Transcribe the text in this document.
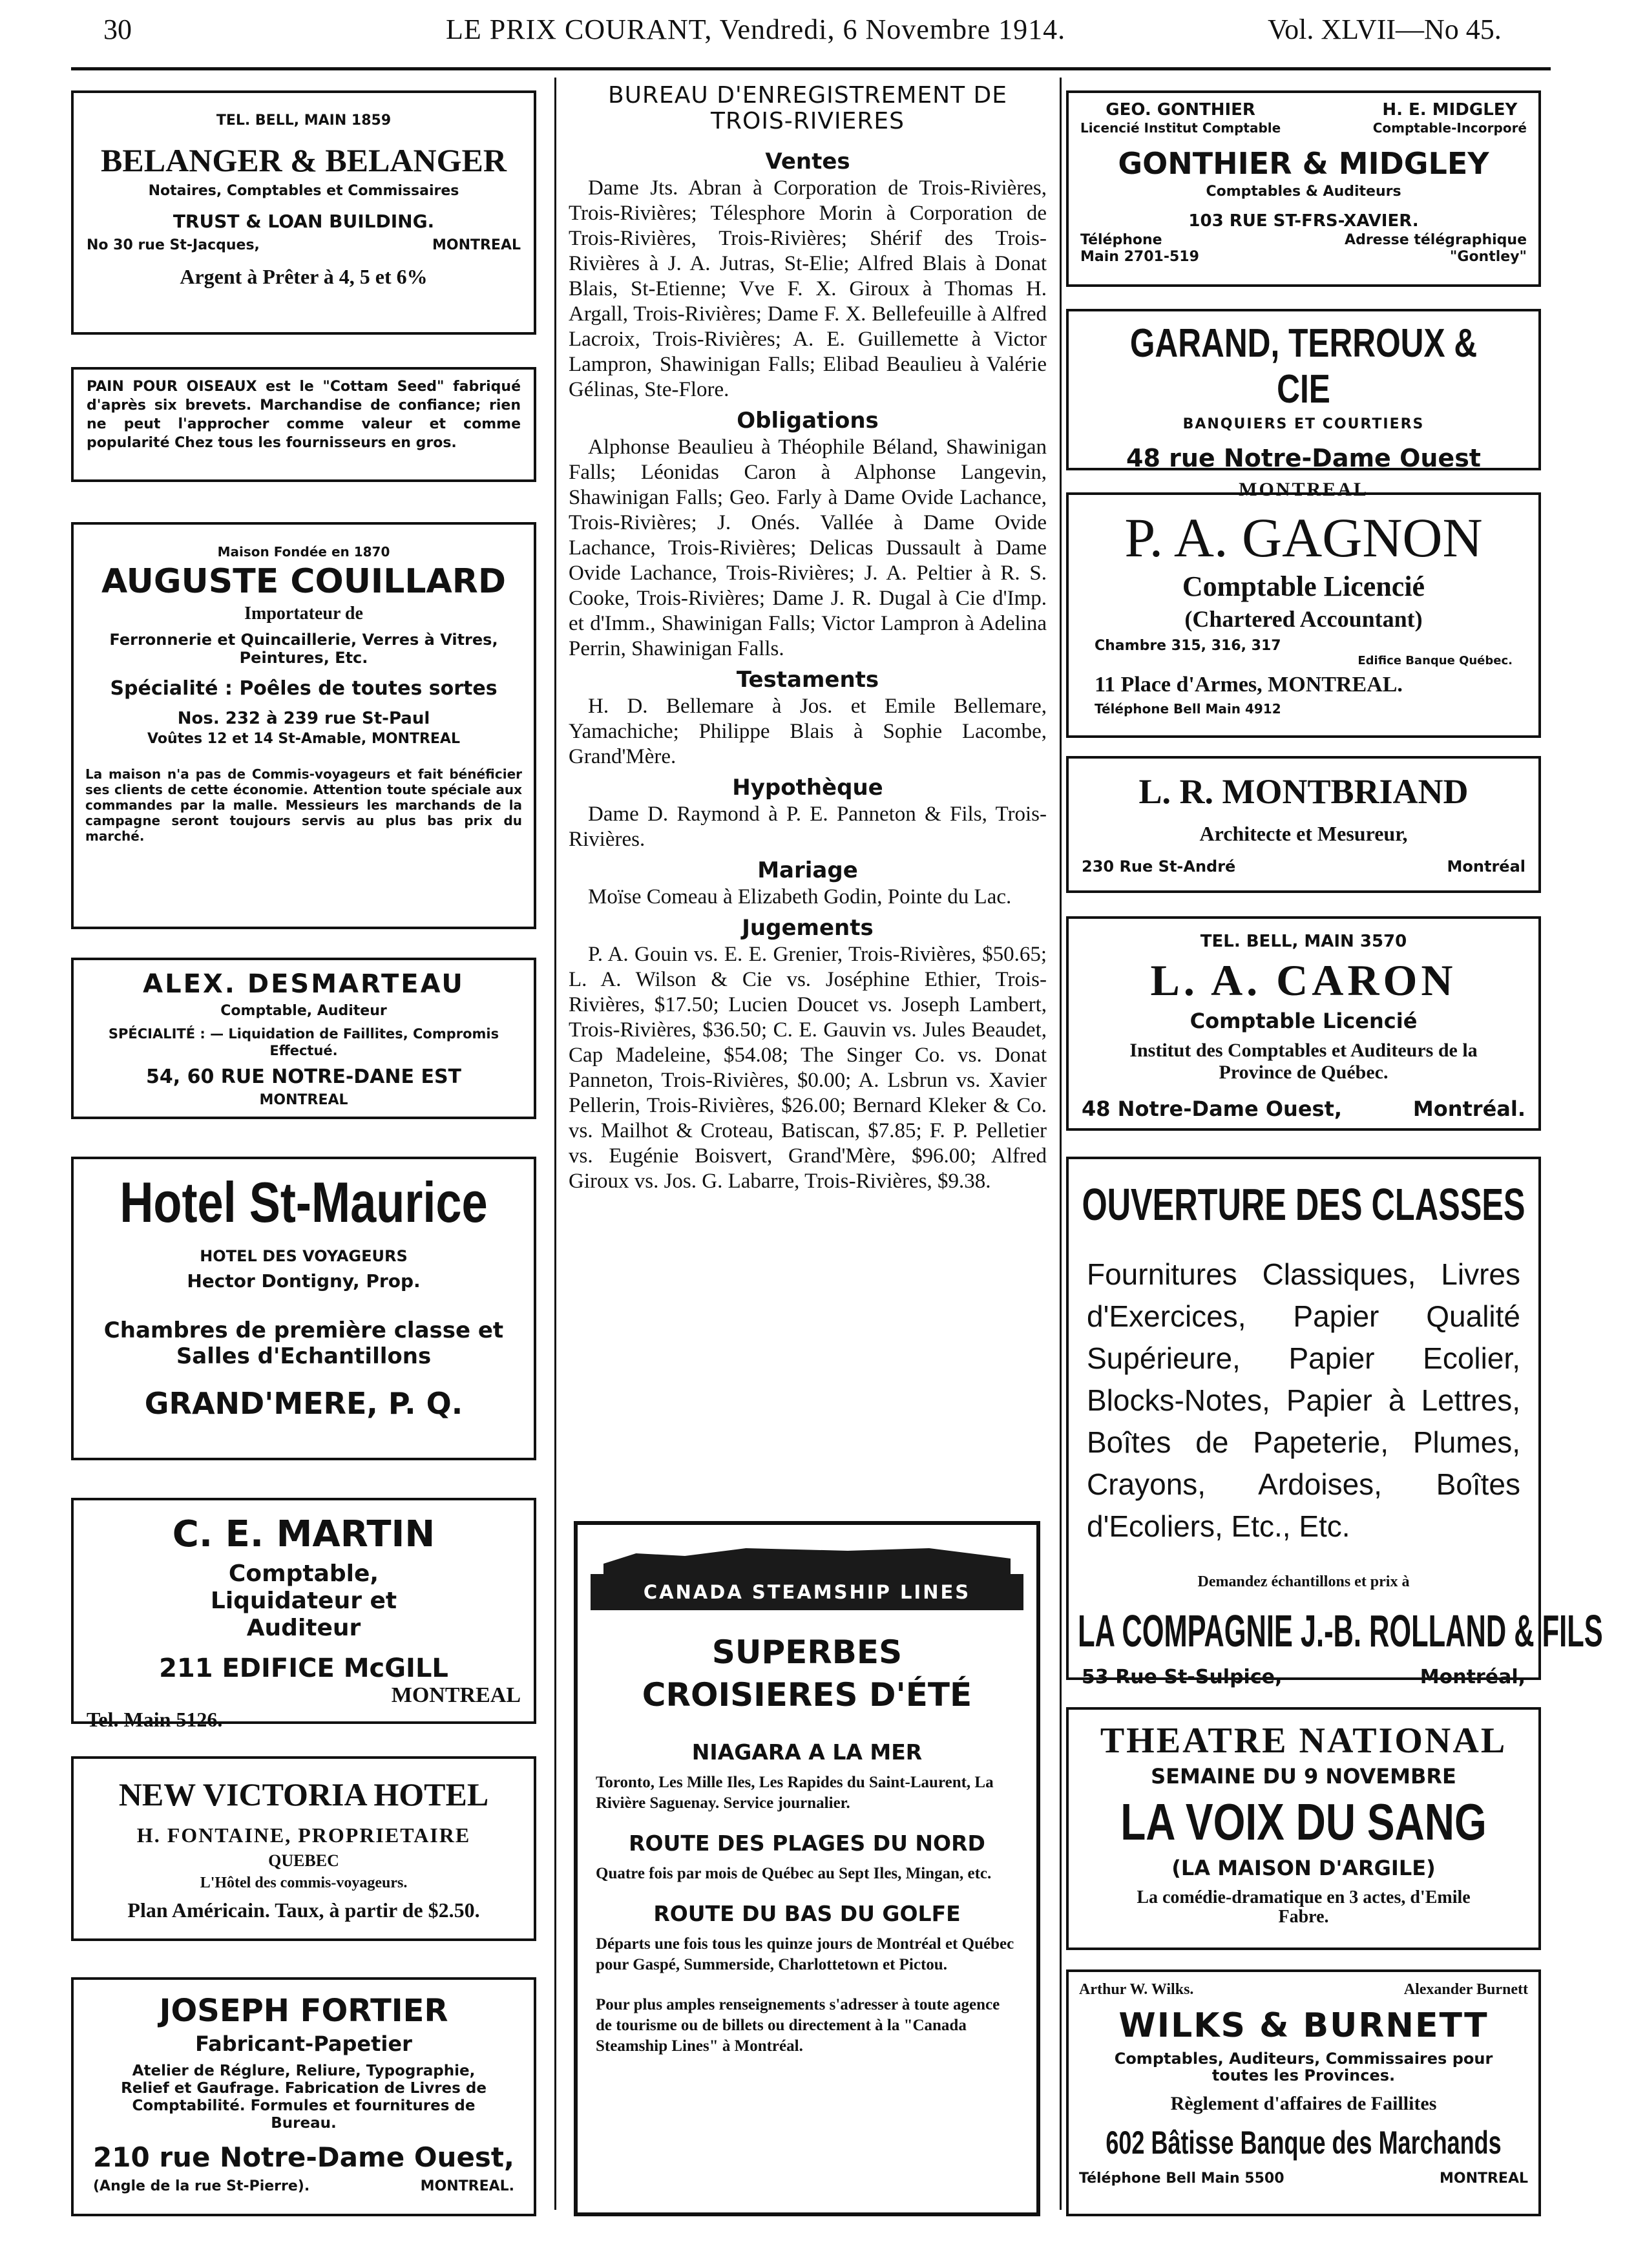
30	LE PRIX COURANT, Vendredi, 6 Novembre 1914.	Vol. XLVII—No 45.
TEL. BELL, MAIN 1859
BELANGER & BELANGER
Notaires, Comptables et Commissaires
TRUST & LOAN BUILDING.
No 30 rue St-Jacques,	MONTREAL
Argent à Prêter à 4, 5 et 6%
PAIN POUR OISEAUX est le "Cottam Seed" fabriqué d'après six brevets. Marchandise de confiance; rien ne peut l'approcher comme valeur et comme popularité Chez tous les fournisseurs en gros.
Maison Fondée en 1870
AUGUSTE COUILLARD
Importateur de
Ferronnerie et Quincaillerie, Verres à Vitres, Peintures, Etc.
Spécialité : Poêles de toutes sortes
Nos. 232 à 239 rue St-Paul
Voûtes 12 et 14 St-Amable, MONTREAL
La maison n'a pas de Commis-voyageurs et fait bénéficier ses clients de cette économie. Attention toute spéciale aux commandes par la malle. Messieurs les marchands de la campagne seront toujours servis au plus bas prix du marché.
ALEX. DESMARTEAU
Comptable, Auditeur
SPÉCIALITÉ : — Liquidation de Faillites, Compromis Effectué.
54, 60 RUE NOTRE-DANE EST
MONTREAL
Hotel St-Maurice
HOTEL DES VOYAGEURS
Hector Dontigny, Prop.
Chambres de première classe et Salles d'Echantillons
GRAND'MERE, P. Q.
C. E. MARTIN
Comptable, Liquidateur et Auditeur
211 EDIFICE McGILL
MONTREAL
Tel. Main 5126.
NEW VICTORIA HOTEL
H. FONTAINE, PROPRIETAIRE
QUEBEC
L'Hôtel des commis-voyageurs.
Plan Américain. Taux, à partir de $2.50.
JOSEPH FORTIER
Fabricant-Papetier
Atelier de Réglure, Reliure, Typographie, Relief et Gaufrage. Fabrication de Livres de Comptabilité. Formules et fournitures de Bureau.
210 rue Notre-Dame Ouest,
(Angle de la rue St-Pierre).	MONTREAL.
BUREAU D'ENREGISTREMENT DE TROIS-RIVIERES
Ventes

Dame Jts. Abran à Corporation de Trois-Rivières, Trois-Rivières; Télesphore Morin à Corporation de Trois-Rivières, Trois-Rivières; Shérif des Trois-Rivières à J. A. Jutras, St-Elie; Alfred Blais à Donat Blais, St-Etienne; Vve F. X. Giroux à Thomas H. Argall, Trois-Rivières; Dame F. X. Bellefeuille à Alfred Lacroix, Trois-Rivières; A. E. Guillemette à Victor Lampron, Shawinigan Falls; Elibad Beaulieu à Valérie Gélinas, Ste-Flore.

Obligations

Alphonse Beaulieu à Théophile Béland, Shawinigan Falls; Léonidas Caron à Alphonse Langevin, Shawinigan Falls; Geo. Farly à Dame Ovide Lachance, Trois-Rivières; J. Onés. Vallée à Dame Ovide Lachance, Trois-Rivières; Delicas Dussault à Dame Ovide Lachance, Trois-Rivières; J. A. Peltier à R. S. Cooke, Trois-Rivières; Dame J. R. Dugal à Cie d'Imp. et d'Imm., Shawinigan Falls; Victor Lampron à Adelina Perrin, Shawinigan Falls.

Testaments

H. D. Bellemare à Jos. et Emile Bellemare, Yamachiche; Philippe Blais à Sophie Lacombe, Grand'Mère.

Hypothèque

Dame D. Raymond à P. E. Panneton & Fils, Trois-Rivières.

Mariage

Moïse Comeau à Elizabeth Godin, Pointe du Lac.

Jugements

P. A. Gouin vs. E. E. Grenier, Trois-Rivières, $50.65; L. A. Wilson & Cie vs. Joséphine Ethier, Trois-Rivières, $17.50; Lucien Doucet vs. Joseph Lambert, Trois-Rivières, $36.50; C. E. Gauvin vs. Jules Beaudet, Cap Madeleine, $54.08; The Singer Co. vs. Donat Panneton, Trois-Rivières, $0.00; A. Lsbrun vs. Xavier Pellerin, Trois-Rivières, $26.00; Bernard Kleker & Co. vs. Mailhot & Croteau, Batiscan, $7.85; F. P. Pelletier vs. Eugénie Boisvert, Grand'Mère, $96.00; Alfred Giroux vs. Jos. G. Labarre, Trois-Rivières, $9.38.

CANADA STEAMSHIP LINES
SUPERBES CROISIERES D'ÉTÉ
NIAGARA A LA MER
Toronto, Les Mille Iles, Les Rapides du Saint-Laurent, La Rivière Saguenay. Service journalier.
ROUTE DES PLAGES DU NORD
Quatre fois par mois de Québec au Sept Iles, Mingan, etc.
ROUTE DU BAS DU GOLFE
Départs une fois tous les quinze jours de Montréal et Québec pour Gaspé, Summerside, Charlottetown et Pictou.
Pour plus amples renseignements s'adresser à toute agence de tourisme ou de billets ou directement à la "Canada Steamship Lines" à Montréal.
GEO. GONTHIER
Licencié Institut Comptable
H. E. MIDGLEY
Comptable-Incorporé
GONTHIER & MIDGLEY
Comptables & Auditeurs
103 RUE ST-FRS-XAVIER.
Téléphone
Main 2701-519
Adresse télégraphique
"Gontley"
GARAND, TERROUX & CIE
BANQUIERS ET COURTIERS
48 rue Notre-Dame Ouest
MONTREAL
P. A. GAGNON
Comptable Licencié
(Chartered Accountant)
Chambre 315, 316, 317
Edifice Banque Québec.
11 Place d'Armes, MONTREAL.
Téléphone Bell Main 4912
L. R. MONTBRIAND
Architecte et Mesureur,
230 Rue St-André	Montréal
TEL. BELL, MAIN 3570
L. A. CARON
Comptable Licencié
Institut des Comptables et Auditeurs de la Province de Québec.
48 Notre-Dame Ouest,	Montréal.
OUVERTURE DES CLASSES
Fournitures Classiques, Livres d'Exercices, Papier Qualité Supérieure, Papier Ecolier, Blocks-Notes, Papier à Lettres, Boîtes de Papeterie, Plumes, Crayons, Ardoises, Boîtes d'Ecoliers, Etc., Etc.
Demandez échantillons et prix à
LA COMPAGNIE J.-B. ROLLAND & FILS
53 Rue St-Sulpice,	Montréal,
THEATRE NATIONAL
SEMAINE DU 9 NOVEMBRE
LA VOIX DU SANG
(LA MAISON D'ARGILE)
La comédie-dramatique en 3 actes, d'Emile Fabre.
Arthur W. Wilks.	Alexander Burnett
WILKS & BURNETT
Comptables, Auditeurs, Commissaires pour toutes les Provinces.
Règlement d'affaires de Faillites
602 Bâtisse Banque des Marchands
Téléphone Bell Main 5500	MONTREAL
